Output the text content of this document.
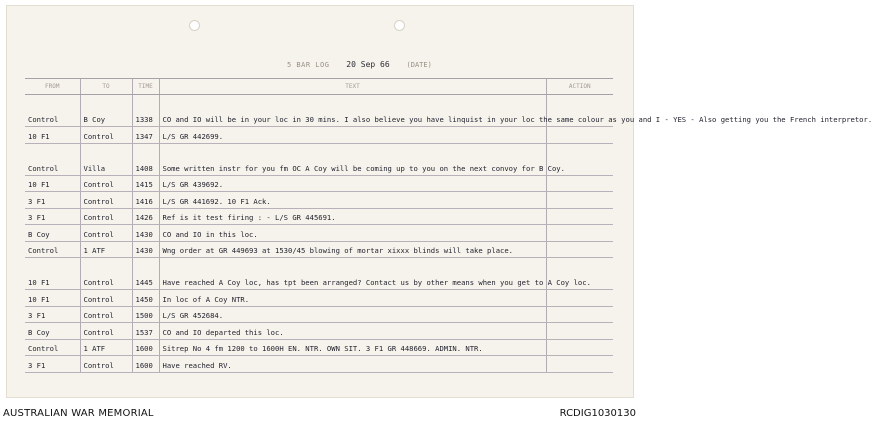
5 BAR LOG 20 Sep 66 (DATE)
FROM	TO	TIME	TEXT	ACTION
Control	B Coy	1338	CO and IO will be in your loc in 30 mins. I also believe you have linquist in your loc the same colour as you and I - YES - Also getting you the French interpretor.	
10 F1	Control	1347	L/S GR 442699.	
Control	Villa	1408	Some written instr for you fm OC A Coy will be coming up to you on the next convoy for B Coy.	
10 F1	Control	1415	L/S GR 439692.	
3 F1	Control	1416	L/S GR 441692. 10 F1 Ack.	
3 F1	Control	1426	Ref is it test firing : - L/S GR 445691.	
B Coy	Control	1430	CO and IO in this loc.	
Control	1 ATF	1430	Wng order at GR 449693 at 1530/45 blowing of mortar xixxx blinds will take place.	
10 F1	Control	1445	Have reached A Coy loc, has tpt been arranged? Contact us by other means when you get to A Coy loc.	
10 F1	Control	1450	In loc of A Coy NTR.	
3 F1	Control	1500	L/S GR 452684.	
B Coy	Control	1537	CO and IO departed this loc.	
Control	1 ATF	1600	Sitrep No 4 fm 1200 to 1600H EN. NTR. OWN SIT. 3 F1 GR 448669. ADMIN. NTR.	
3 F1	Control	1600	Have reached RV.	
AUSTRALIAN WAR MEMORIAL	RCDIG1030130
